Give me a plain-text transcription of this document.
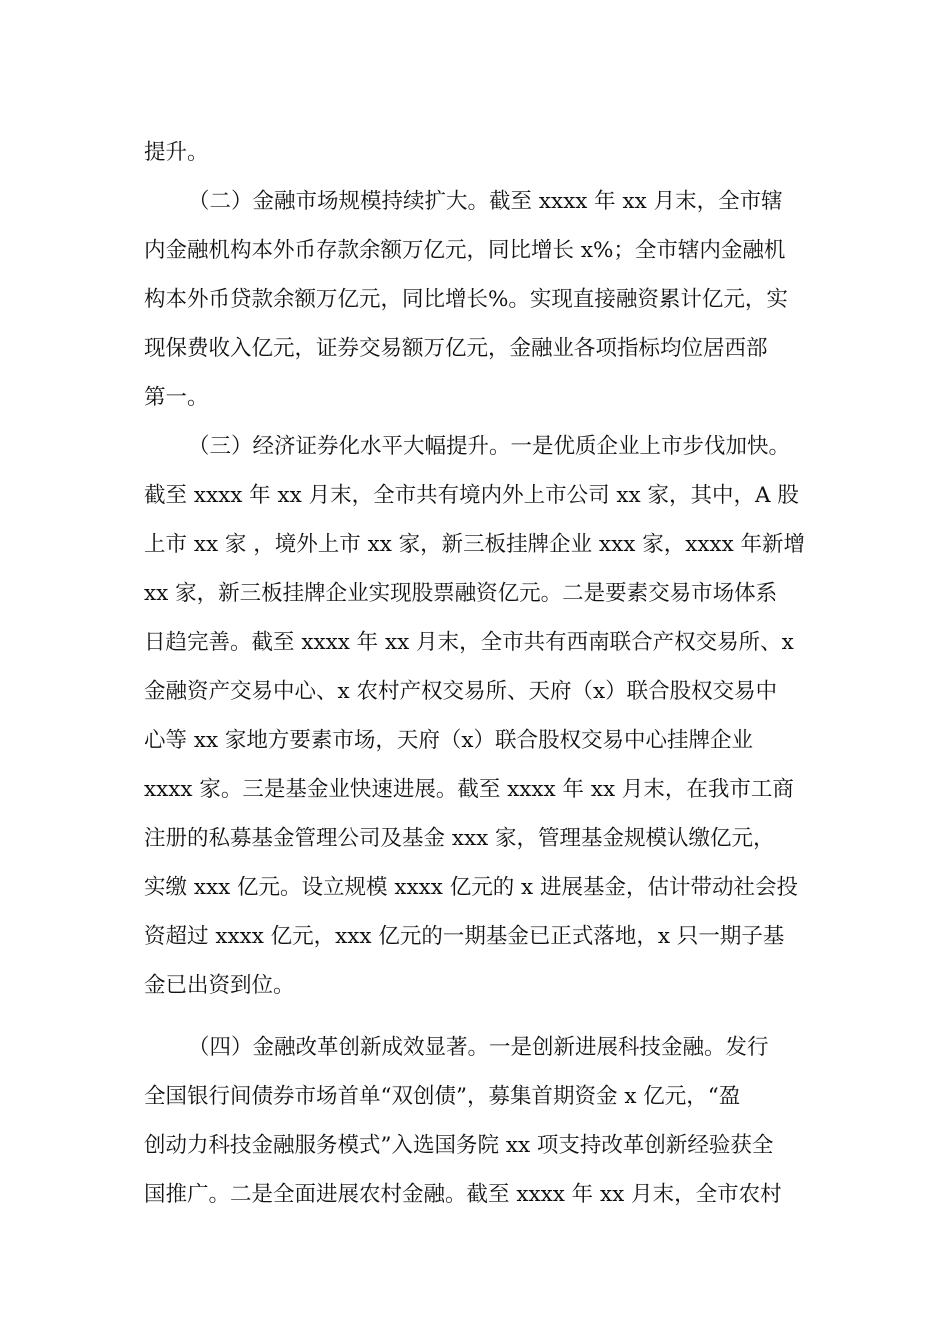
提升。
（二）金融市场规模持续扩大。截至 xxxx 年 xx 月末，全市辖
内金融机构本外币存款余额万亿元，同比增长 x%；全市辖内金融机
构本外币贷款余额万亿元，同比增长%。实现直接融资累计亿元，实
现保费收入亿元，证券交易额万亿元，金融业各项指标均位居西部
第一。
（三）经济证券化水平大幅提升。一是优质企业上市步伐加快。
截至 xxxx 年 xx 月末，全市共有境内外上市公司 xx 家，其中，A 股
上市 xx 家 ，境外上市 xx 家，新三板挂牌企业 xxx 家，xxxx 年新增
xx 家，新三板挂牌企业实现股票融资亿元。二是要素交易市场体系
日趋完善。截至 xxxx 年 xx 月末，全市共有西南联合产权交易所、x
金融资产交易中心、x 农村产权交易所、天府（x）联合股权交易中
心等 xx 家地方要素市场，天府（x）联合股权交易中心挂牌企业
xxxx 家。三是基金业快速进展。截至 xxxx 年 xx 月末，在我市工商
注册的私募基金管理公司及基金 xxx 家，管理基金规模认缴亿元，
实缴 xxx 亿元。设立规模 xxxx 亿元的 x 进展基金，估计带动社会投
资超过 xxxx 亿元，xxx 亿元的一期基金已正式落地，x 只一期子基
金已出资到位。
（四）金融改革创新成效显著。一是创新进展科技金融。发行
全国银行间债券市场首单“双创债”，募集首期资金 x 亿元，“盈
创动力科技金融服务模式”入选国务院 xx 项支持改革创新经验获全
国推广。二是全面进展农村金融。截至 xxxx 年 xx 月末，全市农村
